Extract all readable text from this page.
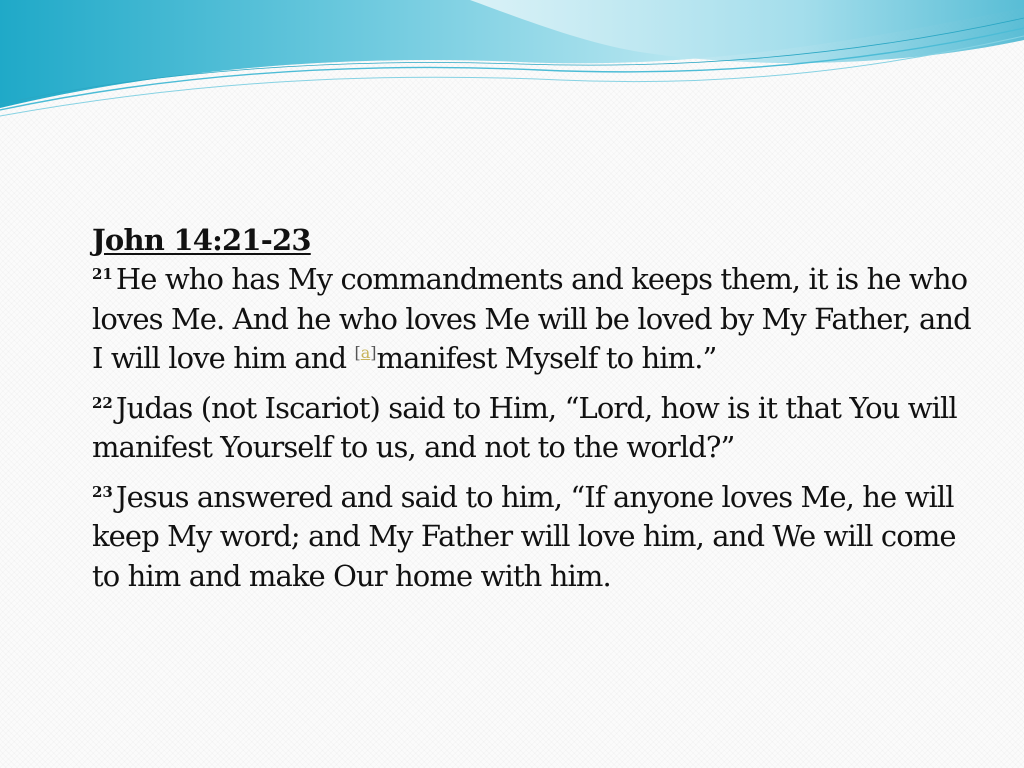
John 14:21-23

$^{21}$ He who has My commandments and keeps them, it is he who loves Me. And he who loves Me will be loved by My Father, and I will love him and [a]manifest Myself to him.”

$^{22}$ Judas (not Iscariot) said to Him, “Lord, how is it that You will manifest Yourself to us, and not to the world?”

$^{23}$ Jesus answered and said to him, “If anyone loves Me, he will keep My word; and My Father will love him, and We will come to him and make Our home with him.
